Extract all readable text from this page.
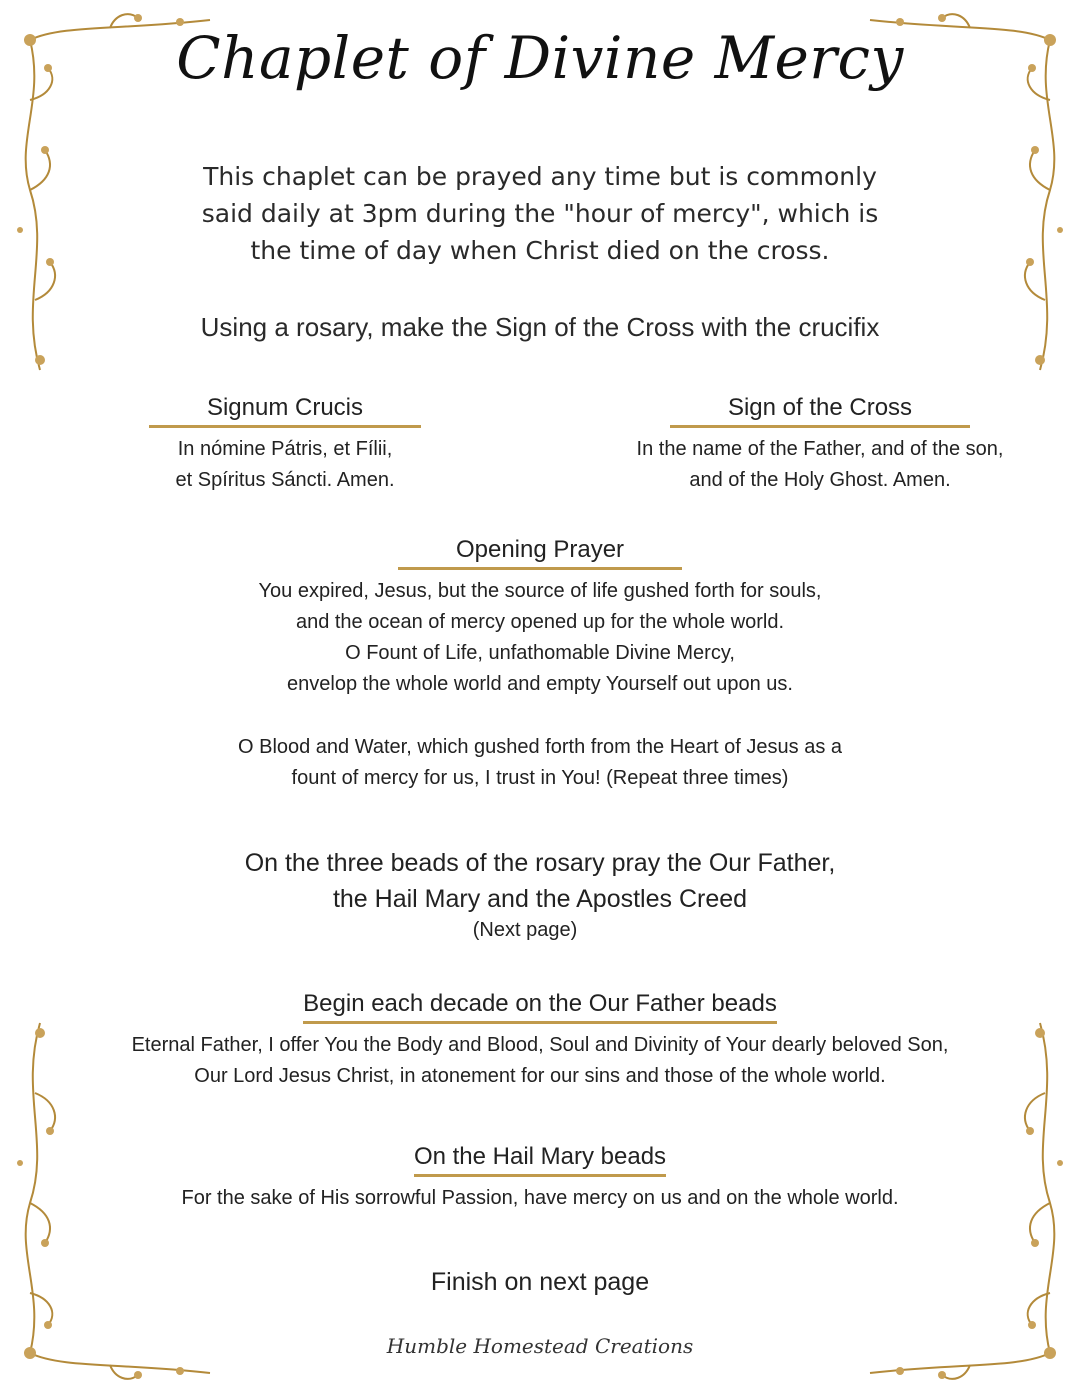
Chaplet of Divine Mercy

This chaplet can be prayed any time but is commonly

said daily at 3pm during the "hour of mercy", which is

the time of day when Christ died on the cross.

Using a rosary, make the Sign of the Cross with the crucifix
Signum Crucis

In nómine Pátris, et Fílii,

et Spíritus Sáncti. Amen.

Sign of the Cross

In the name of the Father, and of the son,

and of the Holy Ghost. Amen.

Opening Prayer

You expired, Jesus, but the source of life gushed forth for souls,

and the ocean of mercy opened up for the whole world.

O Fount of Life, unfathomable Divine Mercy,

envelop the whole world and empty Yourself out upon us.

O Blood and Water, which gushed forth from the Heart of Jesus as a

fount of mercy for us, I trust in You! (Repeat three times)

On the three beads of the rosary pray the Our Father,

the Hail Mary and the Apostles Creed

(Next page)

Begin each decade on the Our Father beads

Eternal Father, I offer You the Body and Blood, Soul and Divinity of Your dearly beloved Son,

Our Lord Jesus Christ, in atonement for our sins and those of the whole world.

On the Hail Mary beads

For the sake of His sorrowful Passion, have mercy on us and on the whole world.

Finish on next page

Humble Homestead Creations
